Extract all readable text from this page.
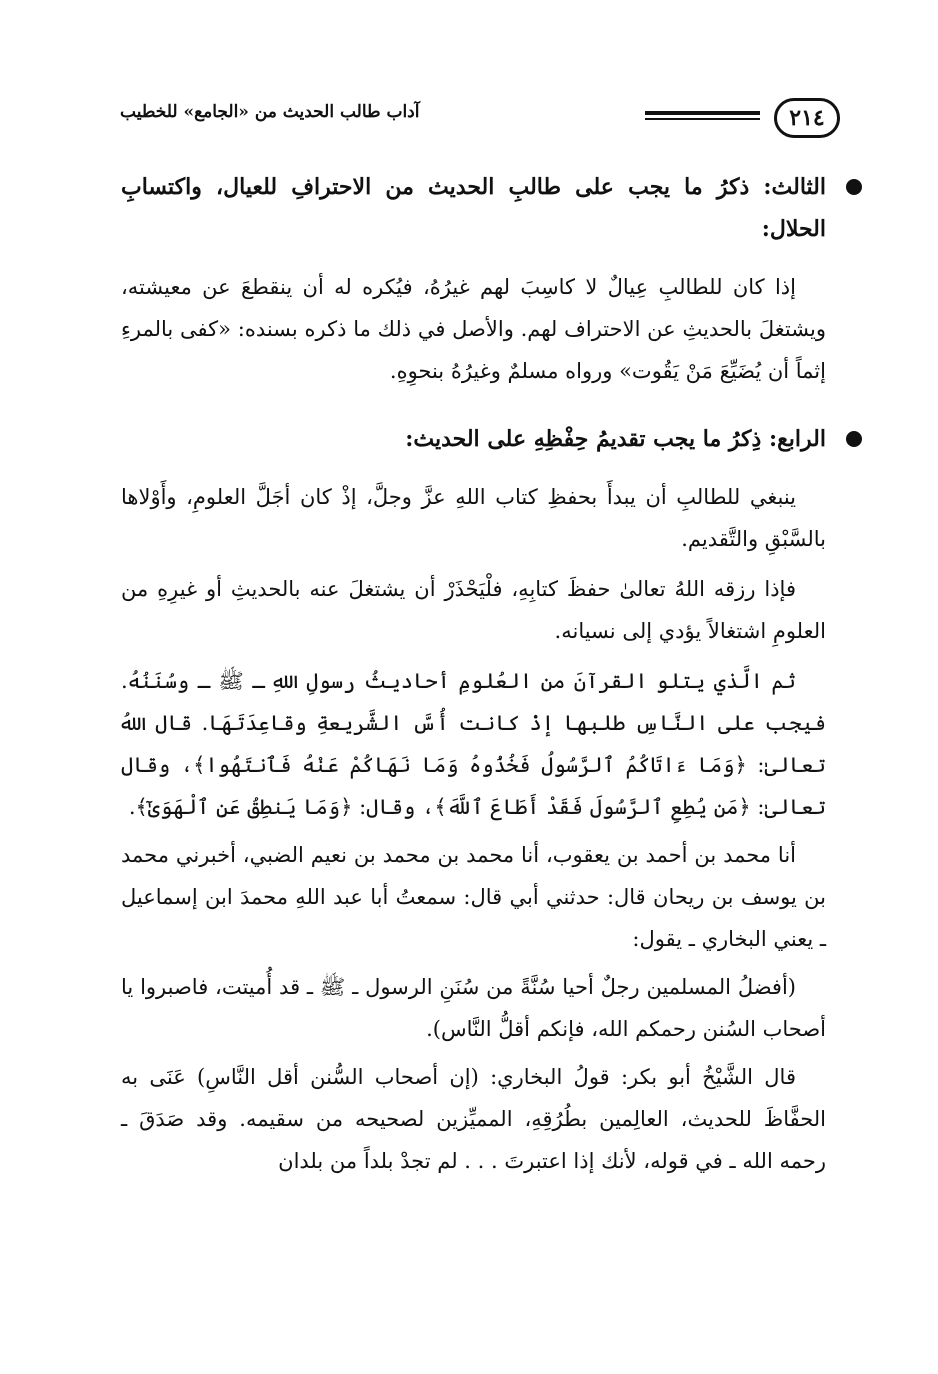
٢١٤
آداب طالب الحديث من «الجامع» للخطيب

الثالث: ذكرُ ما يجب على طالبِ الحديث من الاحترافِ للعيال، واكتسابِ الحلال:

إذا كان للطالبِ عِيالٌ لا كاسِبَ لهم غيرُهُ، فيُكره له أن ينقطعَ عن معيشته، ويشتغلَ بالحديثِ عن الاحتراف لهم. والأصل في ذلك ما ذكره بسنده: «كفى بالمرءِ إثماً أن يُضَيِّعَ مَنْ يَقُوت» ورواه مسلمٌ وغيرُهُ بنحوِهِ.

الرابع: ذِكرُ ما يجب تقديمُ حِفْظِهِ على الحديث:

ينبغي للطالبِ أن يبدأَ بحفظِ كتاب اللهِ عزَّ وجلَّ، إذْ كان أجَلَّ العلومِ، وأَوْلاها بالسَّبْقِ والتَّقديم.

فإذا رزقه اللهُ تعالىٰ حفظَ كتابِهِ، فلْيَحْذَرْ أن يشتغلَ عنه بالحديثِ أو غيرِهِ من العلومِ اشتغالاً يؤدي إلى نسيانه.

ثم الَّذي يتلو القرآنَ من العُلومِ أحاديثُ رسولِ اللهِ ـ ﷺ ـ وسُنَنُهُ. فيجب على النَّاسِ طلبها إذْ كانت أُسَّ الشَّريعةِ وقاعِدَتَهَا. قال اللهُ تعالىٰ: ﴿وَمَا ءَاتَاكُمُ ٱلرَّسُولُ فَخُذُوهُ وَمَا نَهَاكُمْ عَنْهُ فَٱنتَهُوا﴾، وقال تعالىٰ: ﴿مَن يُطِعِ ٱلرَّسُولَ فَقَدْ أَطَاعَ ٱللَّهَ﴾، وقال: ﴿وَمَا يَنطِقُ عَنِ ٱلْهَوَىٰٓ﴾.

أنا محمد بن أحمد بن يعقوب، أنا محمد بن محمد بن نعيم الضبي، أخبرني محمد بن يوسف بن ريحان قال: حدثني أبي قال: سمعتُ أبا عبد اللهِ محمدَ ابن إسماعيل ـ يعني البخاري ـ يقول:

(أفضلُ المسلمين رجلٌ أحيا سُنَّةً من سُنَنِ الرسول ـ ﷺ ـ قد أُميتت، فاصبروا يا أصحاب السُنن رحمكم الله، فإنكم أقلُّ النَّاس).

قال الشَّيْخُ أبو بكر: قولُ البخاري: (إن أصحاب السُّنن أقل النَّاسِ) عَنَى به الحفَّاظَ للحديث، العالِمين بطُرُقِهِ، المميِّزين لصحيحه من سقيمه. وقد صَدَقَ ـ رحمه الله ـ في قوله، لأنك إذا اعتبرتَ . . . لم تجدْ بلداً من بلدان
